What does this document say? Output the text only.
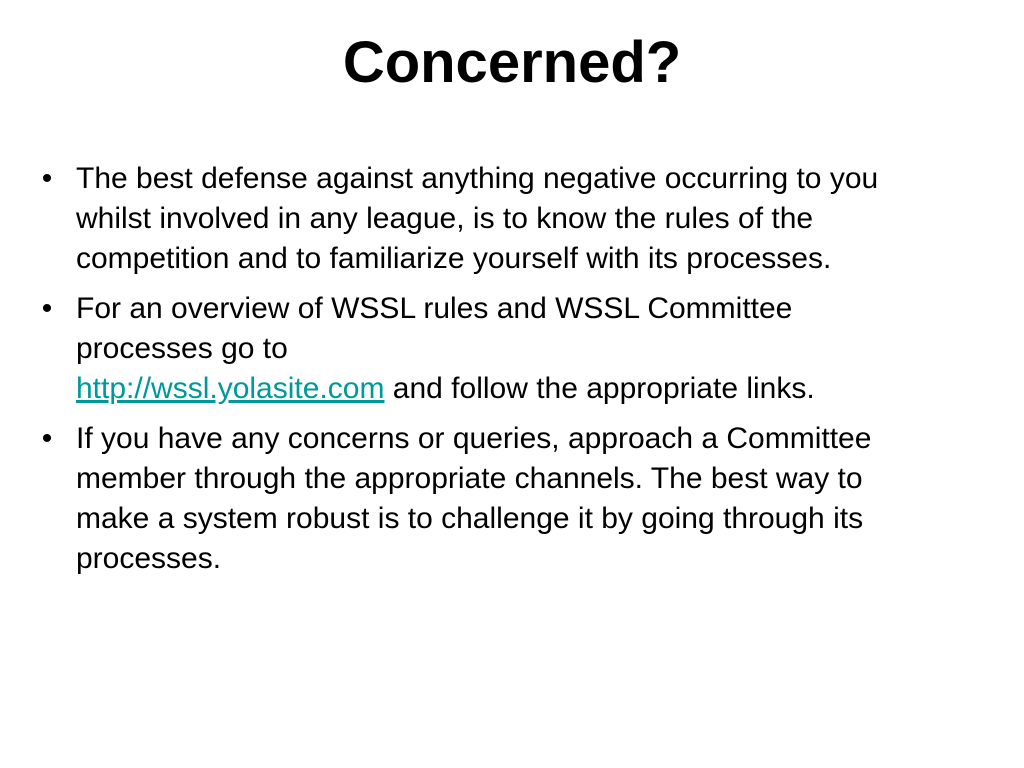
Concerned?
• The best defense against anything negative occurring to you whilst involved in any league, is to know the rules of the competition and to familiarize yourself with its processes.
• For an overview of WSSL rules and WSSL Committee processes go to
http://wssl.yolasite.com and follow the appropriate links.
• If you have any concerns or queries, approach a Committee member through the appropriate channels. The best way to make a system robust is to challenge it by going through its processes.
